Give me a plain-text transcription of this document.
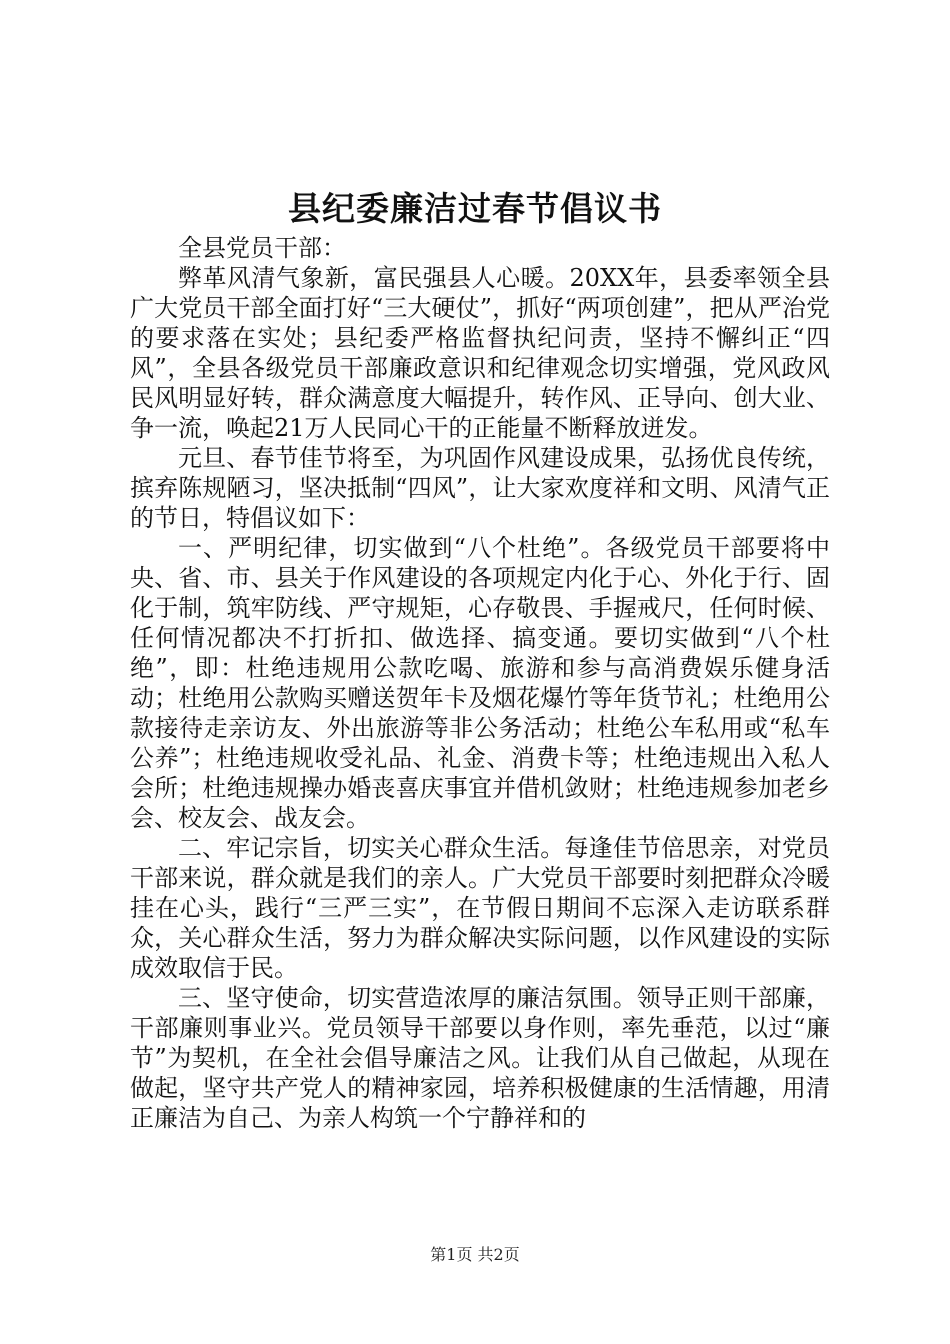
县纪委廉洁过春节倡议书

全县党员干部：

弊革风清气象新，富民强县人心暖。20XX年，县委率领全县广大党员干部全面打好“三大硬仗”，抓好“两项创建”，把从严治党的要求落在实处；县纪委严格监督执纪问责，坚持不懈纠正“四风”，全县各级党员干部廉政意识和纪律观念切实增强，党风政风民风明显好转，群众满意度大幅提升，转作风、正导向、创大业、争一流，唤起21万人民同心干的正能量不断释放迸发。

元旦、春节佳节将至，为巩固作风建设成果，弘扬优良传统，摈弃陈规陋习，坚决抵制“四风”，让大家欢度祥和文明、风清气正的节日，特倡议如下：

一、严明纪律，切实做到“八个杜绝”。各级党员干部要将中央、省、市、县关于作风建设的各项规定内化于心、外化于行、固化于制，筑牢防线、严守规矩，心存敬畏、手握戒尺，任何时候、任何情况都决不打折扣、做选择、搞变通。要切实做到“八个杜绝”，即：杜绝违规用公款吃喝、旅游和参与高消费娱乐健身活动；杜绝用公款购买赠送贺年卡及烟花爆竹等年货节礼；杜绝用公款接待走亲访友、外出旅游等非公务活动；杜绝公车私用或“私车公养”；杜绝违规收受礼品、礼金、消费卡等；杜绝违规出入私人会所；杜绝违规操办婚丧喜庆事宜并借机敛财；杜绝违规参加老乡会、校友会、战友会。

二、牢记宗旨，切实关心群众生活。每逢佳节倍思亲，对党员干部来说，群众就是我们的亲人。广大党员干部要时刻把群众冷暖挂在心头，践行“三严三实”，在节假日期间不忘深入走访联系群众，关心群众生活，努力为群众解决实际问题，以作风建设的实际成效取信于民。

三、坚守使命，切实营造浓厚的廉洁氛围。领导正则干部廉，干部廉则事业兴。党员领导干部要以身作则，率先垂范，以过“廉节”为契机，在全社会倡导廉洁之风。让我们从自己做起，从现在做起，坚守共产党人的精神家园，培养积极健康的生活情趣，用清正廉洁为自己、为亲人构筑一个宁静祥和的

第1页 共2页
